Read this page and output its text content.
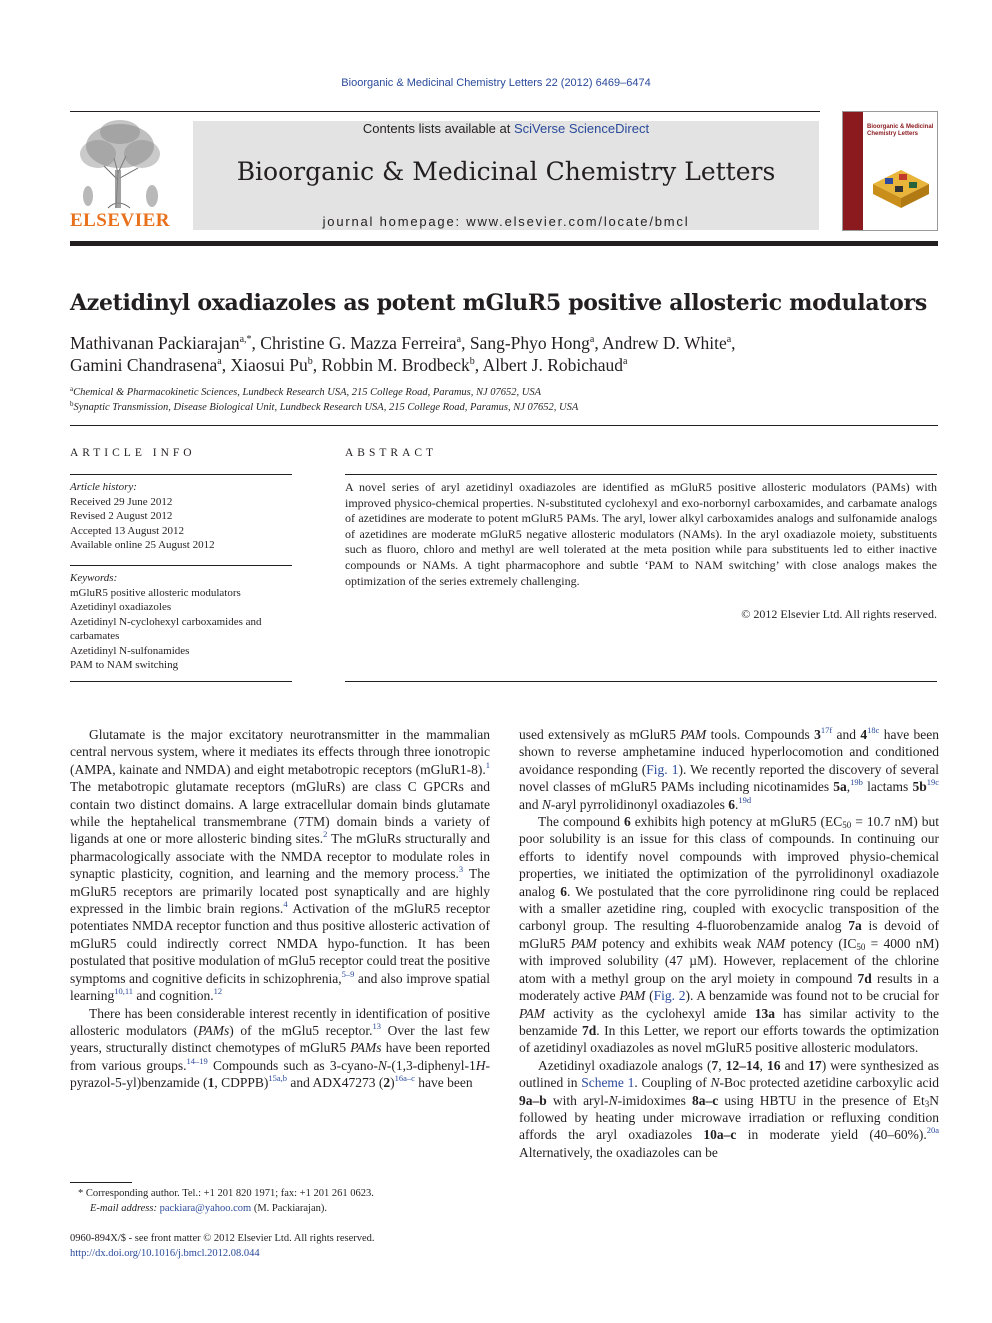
Bioorganic & Medicinal Chemistry Letters 22 (2012) 6469–6474
ELSEVIER
Contents lists available at SciVerse ScienceDirect
Bioorganic & Medicinal Chemistry Letters
journal homepage: www.elsevier.com/locate/bmcl
Bioorganic & Medicinal Chemistry Letters
Azetidinyl oxadiazoles as potent mGluR5 positive allosteric modulators
Mathivanan Packiarajan$^{a,*}$, Christine G. Mazza Ferreira$^a$, Sang-Phyo Hong$^a$, Andrew D. White$^a$,
Gamini Chandrasena$^a$, Xiaosui Pu$^b$, Robbin M. Brodbeck$^b$, Albert J. Robichaud$^a$
$^a$Chemical & Pharmacokinetic Sciences, Lundbeck Research USA, 215 College Road, Paramus, NJ 07652, USA
$^b$Synaptic Transmission, Disease Biological Unit, Lundbeck Research USA, 215 College Road, Paramus, NJ 07652, USA
ARTICLE INFO	ABSTRACT
Article history:
Received 29 June 2012
Revised 2 August 2012
Accepted 13 August 2012
Available online 25 August 2012
Keywords:
mGluR5 positive allosteric modulators
Azetidinyl oxadiazoles
Azetidinyl N-cyclohexyl carboxamides and carbamates
Azetidinyl N-sulfonamides
PAM to NAM switching
A novel series of aryl azetidinyl oxadiazoles are identified as mGluR5 positive allosteric modulators (PAMs) with improved physico-chemical properties. N-substituted cyclohexyl and exo-norbornyl carboxamides, and carbamate analogs of azetidines are moderate to potent mGluR5 PAMs. The aryl, lower alkyl carboxamides analogs and sulfonamide analogs of azetidines are moderate mGluR5 negative allosteric modulators (NAMs). In the aryl oxadiazole moiety, substituents such as fluoro, chloro and methyl are well tolerated at the meta position while para substituents led to either inactive compounds or NAMs. A tight pharmacophore and subtle ‘PAM to NAM switching’ with close analogs makes the optimization of the series extremely challenging.
© 2012 Elsevier Ltd. All rights reserved.

Glutamate is the major excitatory neurotransmitter in the mammalian central nervous system, where it mediates its effects through three ionotropic (AMPA, kainate and NMDA) and eight metabotropic receptors (mGluR1-8).$^1$ The metabotropic glutamate receptors (mGluRs) are class C GPCRs and contain two distinct domains. A large extracellular domain binds glutamate while the heptahelical transmembrane (7TM) domain binds a variety of ligands at one or more allosteric binding sites.$^2$ The mGluRs structurally and pharmacologically associate with the NMDA receptor to modulate roles in synaptic plasticity, cognition, and learning and the memory process.$^3$ The mGluR5 receptors are primarily located post synaptically and are highly expressed in the limbic brain regions.$^4$ Activation of the mGluR5 receptor potentiates NMDA receptor function and thus positive allosteric activation of mGluR5 could indirectly correct NMDA hypo-function. It has been postulated that positive modulation of mGlu5 receptor could treat the positive symptoms and cognitive deficits in schizophrenia,$^{5-9}$ and also improve spatial learning$^{10,11}$ and cognition.$^{12}$

There has been considerable interest recently in identification of positive allosteric modulators (PAMs) of the mGlu5 receptor.$^{13}$ Over the last few years, structurally distinct chemotypes of mGluR5 PAMs have been reported from various groups.$^{14-19}$ Compounds such as 3-cyano-N-(1,3-diphenyl-1H-pyrazol-5-yl)benzamide (1, CDPPB)$^{15a,b}$ and ADX47273 $(2)^{16a-c}$ have been

used extensively as mGluR5 PAM tools. Compounds $3^{17f}$ and $4^{18c}$ have been shown to reverse amphetamine induced hyperlocomotion and conditioned avoidance responding (Fig. 1). We recently reported the discovery of several novel classes of mGluR5 PAMs including nicotinamides 5a,$^{19b}$ lactams $5b^{19c}$ and N-aryl pyrrolidinonyl oxadiazoles 6.$^{19d}$

The compound 6 exhibits high potency at mGluR5 ($EC_{50} = 10.7$ nM) but poor solubility is an issue for this class of compounds. In continuing our efforts to identify novel compounds with improved physio-chemical properties, we initiated the optimization of the pyrrolidinonyl oxadiazole analog 6. We postulated that the core pyrrolidinone ring could be replaced with a smaller azetidine ring, coupled with exocyclic transposition of the carbonyl group. The resulting 4-fluorobenzamide analog 7a is devoid of mGluR5 PAM potency and exhibits weak NAM potency ($IC_{50} = 4000$ nM) with improved solubility (47 µM). However, replacement of the chlorine atom with a methyl group on the aryl moiety in compound 7d results in a moderately active PAM (Fig. 2). A benzamide was found not to be crucial for PAM activity as the cyclohexyl amide 13a has similar activity to the benzamide 7d. In this Letter, we report our efforts towards the optimization of azetidinyl oxadiazoles as novel mGluR5 positive allosteric modulators.

Azetidinyl oxadiazole analogs (7, 12–14, 16 and 17) were synthesized as outlined in Scheme 1. Coupling of N-Boc protected azetidine carboxylic acid 9a–b with aryl-N-imidoximes 8a–c using HBTU in the presence of $Et_3N$ followed by heating under microwave irradiation or refluxing condition affords the aryl oxadiazoles 10a–c in moderate yield (40–60%).$^{20a}$ Alternatively, the oxadiazoles can be

* Corresponding author. Tel.: +1 201 820 1971; fax: +1 201 261 0623.
E-mail address: packiara@yahoo.com (M. Packiarajan).
0960-894X/$ - see front matter © 2012 Elsevier Ltd. All rights reserved.
http://dx.doi.org/10.1016/j.bmcl.2012.08.044
